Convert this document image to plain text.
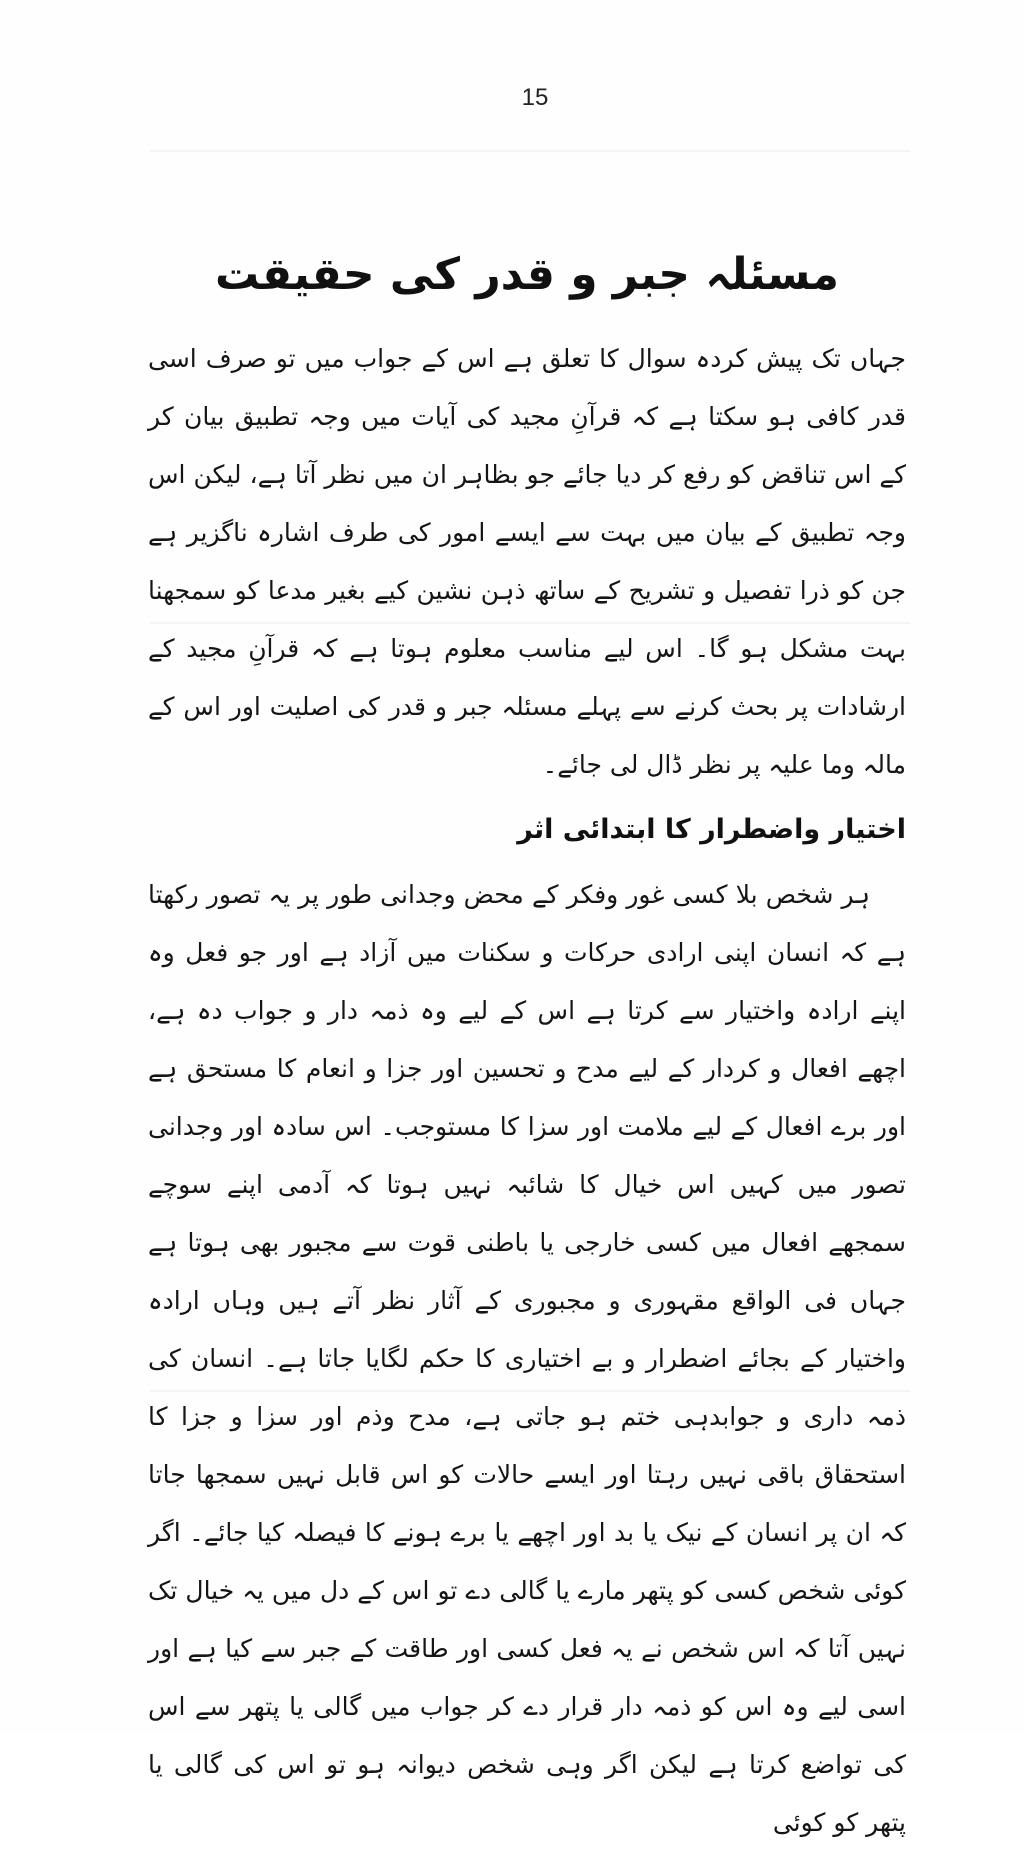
15
مسئلہ جبر و قدر کی حقیقت

جہاں تک پیش کردہ سوال کا تعلق ہے اس کے جواب میں تو صرف اسی قدر کافی ہو سکتا ہے کہ قرآنِ مجید کی آیات میں وجہ تطبیق بیان کر کے اس تناقض کو رفع کر دیا جائے جو بظاہر ان میں نظر آتا ہے، لیکن اس وجہ تطبیق کے بیان میں بہت سے ایسے امور کی طرف اشارہ ناگزیر ہے جن کو ذرا تفصیل و تشریح کے ساتھ ذہن نشین کیے بغیر مدعا کو سمجھنا بہت مشکل ہو گا۔ اس لیے مناسب معلوم ہوتا ہے کہ قرآنِ مجید کے ارشادات پر بحث کرنے سے پہلے مسئلہ جبر و قدر کی اصلیت اور اس کے مالہ وما علیہ پر نظر ڈال لی جائے۔

اختیار واضطرار کا ابتدائی اثر

ہر شخص بلا کسی غور وفکر کے محض وجدانی طور پر یہ تصور رکھتا ہے کہ انسان اپنی ارادی حرکات و سکنات میں آزاد ہے اور جو فعل وہ اپنے ارادہ واختیار سے کرتا ہے اس کے لیے وہ ذمہ دار و جواب دہ ہے، اچھے افعال و کردار کے لیے مدح و تحسین اور جزا و انعام کا مستحق ہے اور برے افعال کے لیے ملامت اور سزا کا مستوجب۔ اس سادہ اور وجدانی تصور میں کہیں اس خیال کا شائبہ نہیں ہوتا کہ آدمی اپنے سوچے سمجھے افعال میں کسی خارجی یا باطنی قوت سے مجبور بھی ہوتا ہے جہاں فی الواقع مقہوری و مجبوری کے آثار نظر آتے ہیں وہاں ارادہ واختیار کے بجائے اضطرار و بے اختیاری کا حکم لگایا جاتا ہے۔ انسان کی ذمہ داری و جوابدہی ختم ہو جاتی ہے، مدح وذم اور سزا و جزا کا استحقاق باقی نہیں رہتا اور ایسے حالات کو اس قابل نہیں سمجھا جاتا کہ ان پر انسان کے نیک یا بد اور اچھے یا برے ہونے کا فیصلہ کیا جائے۔ اگر کوئی شخص کسی کو پتھر مارے یا گالی دے تو اس کے دل میں یہ خیال تک نہیں آتا کہ اس شخص نے یہ فعل کسی اور طاقت کے جبر سے کیا ہے اور اسی لیے وہ اس کو ذمہ دار قرار دے کر جواب میں گالی یا پتھر سے اس کی تواضع کرتا ہے لیکن اگر وہی شخص دیوانہ ہو تو اس کی گالی یا پتھر کو کوئی
